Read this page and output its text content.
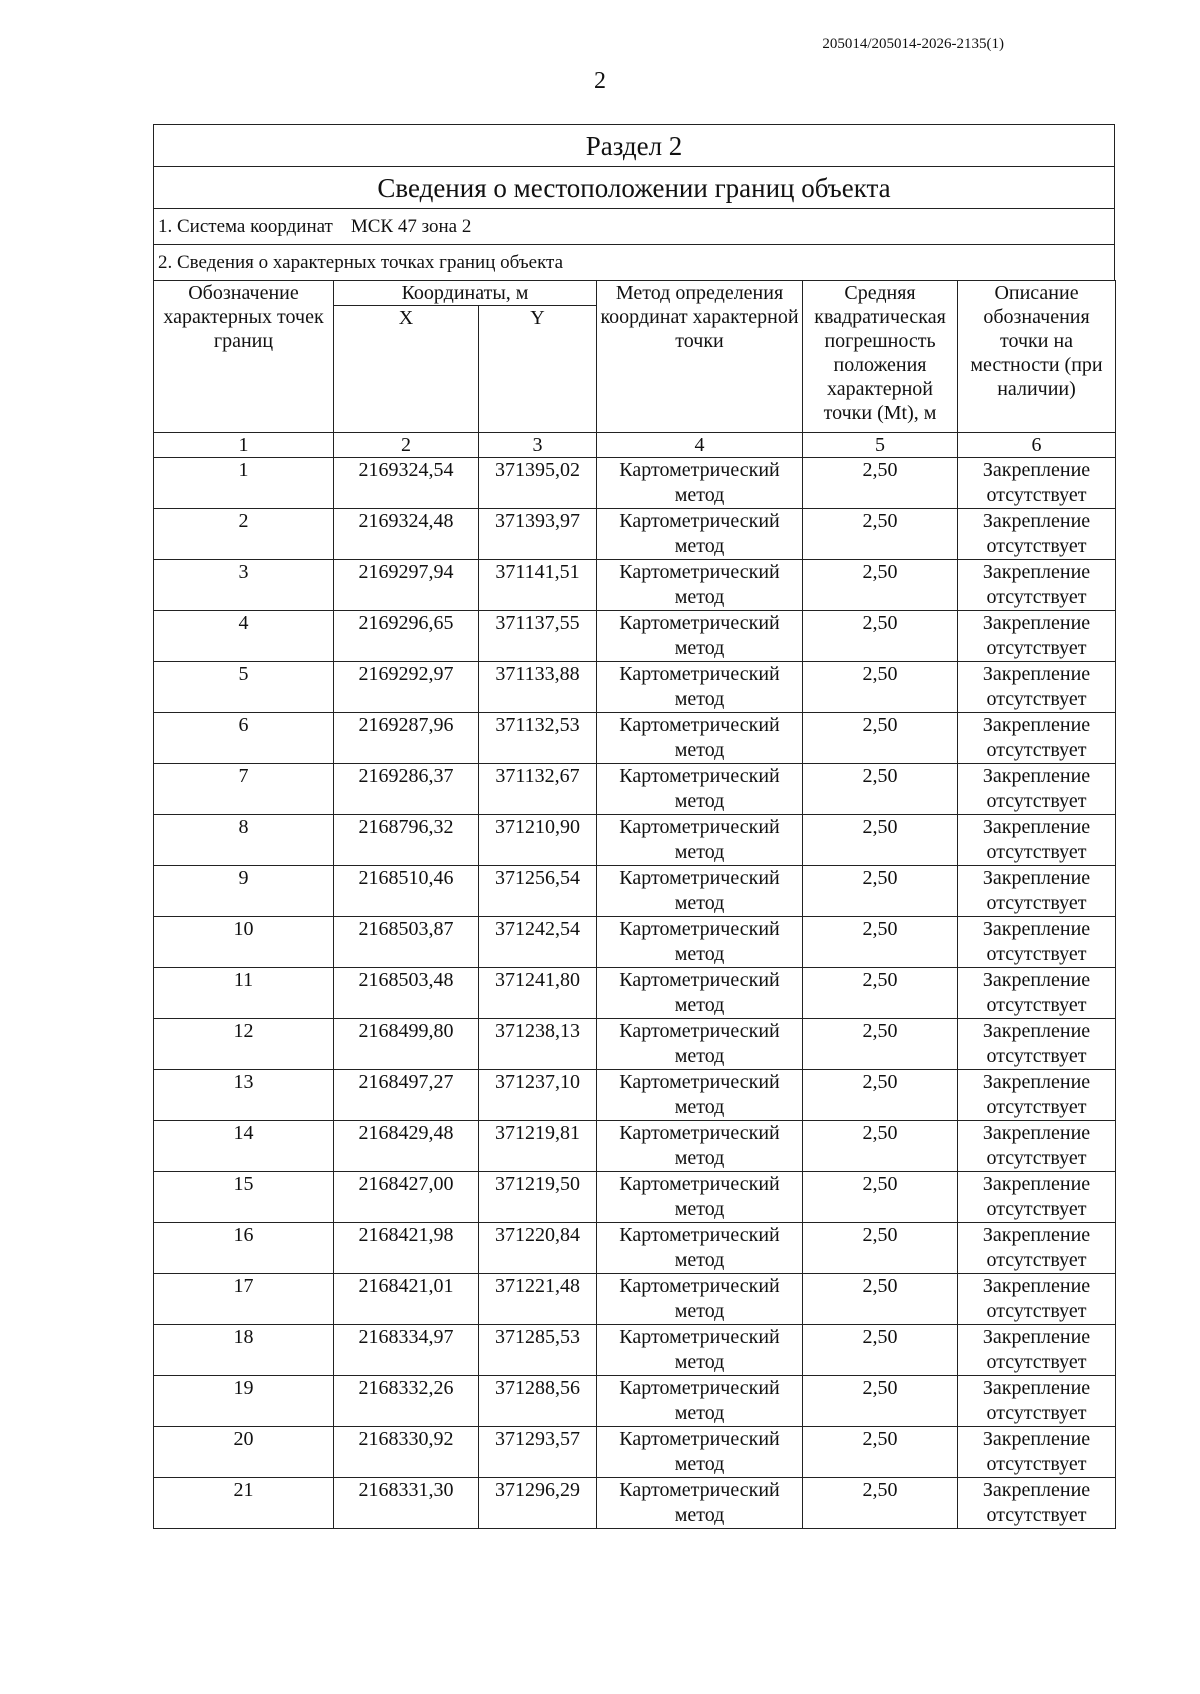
205014/205014-2026-2135(1)
2
Раздел 2
Сведения о местоположении границ объекта
1. Система координат МСК 47 зона 2
2. Сведения о характерных точках границ объекта
Обозначение характерных точек границ	Координаты, м		Метод определения координат характерной точки	Средняя квадратическая погрешность положения характерной точки (Mt), м	Описание обозначения точки на местности (при наличии)
	X	Y			
1	2	3	4	5	6
1	2169324,54	371395,02	Картометрический метод	2,50	Закрепление отсутствует
2	2169324,48	371393,97	Картометрический метод	2,50	Закрепление отсутствует
3	2169297,94	371141,51	Картометрический метод	2,50	Закрепление отсутствует
4	2169296,65	371137,55	Картометрический метод	2,50	Закрепление отсутствует
5	2169292,97	371133,88	Картометрический метод	2,50	Закрепление отсутствует
6	2169287,96	371132,53	Картометрический метод	2,50	Закрепление отсутствует
7	2169286,37	371132,67	Картометрический метод	2,50	Закрепление отсутствует
8	2168796,32	371210,90	Картометрический метод	2,50	Закрепление отсутствует
9	2168510,46	371256,54	Картометрический метод	2,50	Закрепление отсутствует
10	2168503,87	371242,54	Картометрический метод	2,50	Закрепление отсутствует
11	2168503,48	371241,80	Картометрический метод	2,50	Закрепление отсутствует
12	2168499,80	371238,13	Картометрический метод	2,50	Закрепление отсутствует
13	2168497,27	371237,10	Картометрический метод	2,50	Закрепление отсутствует
14	2168429,48	371219,81	Картометрический метод	2,50	Закрепление отсутствует
15	2168427,00	371219,50	Картометрический метод	2,50	Закрепление отсутствует
16	2168421,98	371220,84	Картометрический метод	2,50	Закрепление отсутствует
17	2168421,01	371221,48	Картометрический метод	2,50	Закрепление отсутствует
18	2168334,97	371285,53	Картометрический метод	2,50	Закрепление отсутствует
19	2168332,26	371288,56	Картометрический метод	2,50	Закрепление отсутствует
20	2168330,92	371293,57	Картометрический метод	2,50	Закрепление отсутствует
21	2168331,30	371296,29	Картометрический метод	2,50	Закрепление отсутствует
